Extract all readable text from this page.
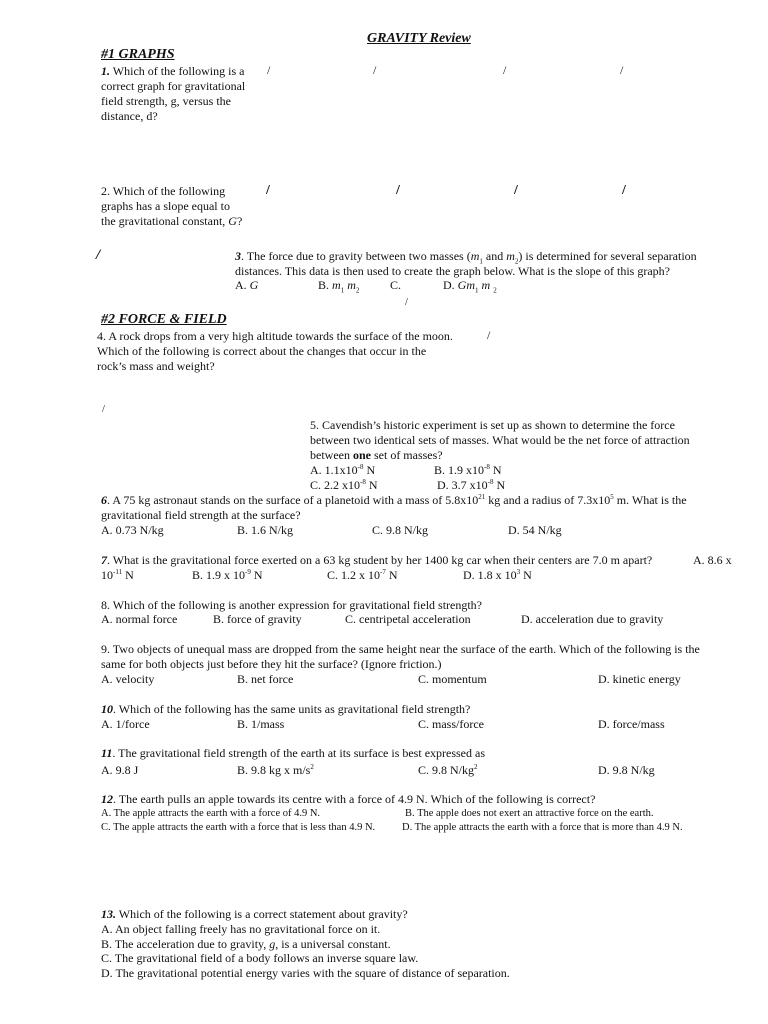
GRAVITY Review
#1 GRAPHS
1. Which of the following is a correct graph for gravitational field strength, g, versus the distance, d?
/	/	/	/
2. Which of the following
graphs has a slope equal to
the gravitational constant, G?
/	/	/	/
/	3. The force due to gravity between two masses ($m_1$ and $m_2$) is determined for several separation
distances. This data is then used to create the graph below. What is the slope of this graph?
A. G	B. $m_1$ $m_2$	C.	D. $Gm_1$ m $_2$
/
#2 FORCE & FIELD
4. A rock drops from a very high altitude towards the surface of the moon.
Which of the following is correct about the changes that occur in the
rock’s mass and weight?
/
/
5. Cavendish’s historic experiment is set up as shown to determine the force
between two identical sets of masses. What would be the net force of attraction
between one set of masses?
A. $1.1x10^{-8}$ N	B. 1.9 $x10^{-8}$ N
C. 2.2 $x10^{-8}$ N	D. 3.7 $x10^{-8}$ N
6. A 75 kg astronaut stands on the surface of a planetoid with a mass of $5.8x10^{21}$ kg and a radius of $7.3x10^5$ m. What is the
gravitational field strength at the surface?
A. 0.73 N/kg	B. 1.6 N/kg	C. 9.8 N/kg	D. 54 N/kg
7. What is the gravitational force exerted on a 63 kg student by her 1400 kg car when their centers are 7.0 m apart?	A. 8.6 x
$10^{-11}$ N	B. 1.9 x $10^{-9}$ N	C. 1.2 x $10^{-7}$ N	D. 1.8 x $10^3$ N
8. Which of the following is another expression for gravitational field strength?
A. normal force	B. force of gravity	C. centripetal acceleration	D. acceleration due to gravity
9. Two objects of unequal mass are dropped from the same height near the surface of the earth. Which of the following is the
same for both objects just before they hit the surface? (Ignore friction.)
A. velocity	B. net force	C. momentum	D. kinetic energy
10. Which of the following has the same units as gravitational field strength?
A. 1/force	B. 1/mass	C. mass/force	D. force/mass
11. The gravitational field strength of the earth at its surface is best expressed as
A. 9.8 J	B. 9.8 kg x $m/s^2$	C. 9.8 $N/kg^2$	D. 9.8 N/kg
12. The earth pulls an apple towards its centre with a force of 4.9 N. Which of the following is correct?
A. The apple attracts the earth with a force of 4.9 N.	B. The apple does not exert an attractive force on the earth.
C. The apple attracts the earth with a force that is less than 4.9 N.	D. The apple attracts the earth with a force that is more than 4.9 N.
13. Which of the following is a correct statement about gravity?
A. An object falling freely has no gravitational force on it.
B. The acceleration due to gravity, g, is a universal constant.
C. The gravitational field of a body follows an inverse square law.
D. The gravitational potential energy varies with the square of distance of separation.
